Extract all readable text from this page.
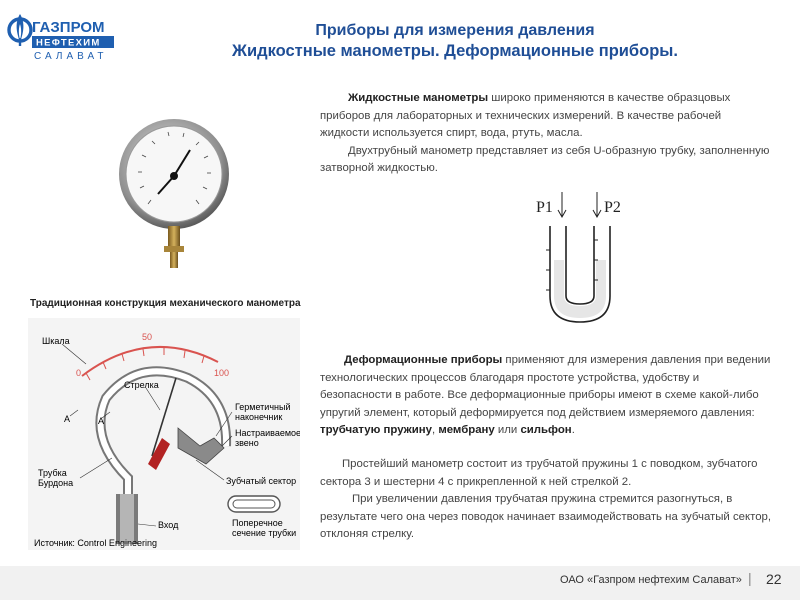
ГАЗПРОМ
НЕФТЕХИМ
САЛАВАТ
Приборы для измерения давления
Жидкостные манометры. Деформационные приборы.
Жидкостные манометры широко применяются в качестве образцовых приборов для лабораторных и технических измерений. В качестве рабочей жидкости используется спирт, вода, ртуть, масла.
Двухтрубный манометр представляет из себя U-образную трубку, заполненную затворной жидкостью.
P1	P2
Традиционная конструкция механического манометра
0
50
100
Шкала
Стрелка
Герметичный
наконечник
Настраиваемое
звено
Зубчатый сектор
Трубка
Бурдона
Вход	Поперечное
сечение трубки
A	A
Источник: Control Engineering
Деформационные приборы применяют для измерения давления при ведении технологических процессов благодаря простоте устройства, удобству и безопасности в работе. Все деформационные приборы имеют в схеме какой-либо упругий элемент, который деформируется под действием измеряемого давления: трубчатую пружину, мембрану или сильфон.
Простейший манометр состоит из трубчатой пружины 1 с поводком, зубчатого сектора 3 и шестерни 4 с прикрепленной к ней стрелкой 2.
При увеличении давления трубчатая пружина стремится разогнуться, в результате чего она через поводок начинает взаимодействовать на зубчатый сектор, отклоняя стрелку.
ОАО «Газпром нефтехим Салават» | 22
